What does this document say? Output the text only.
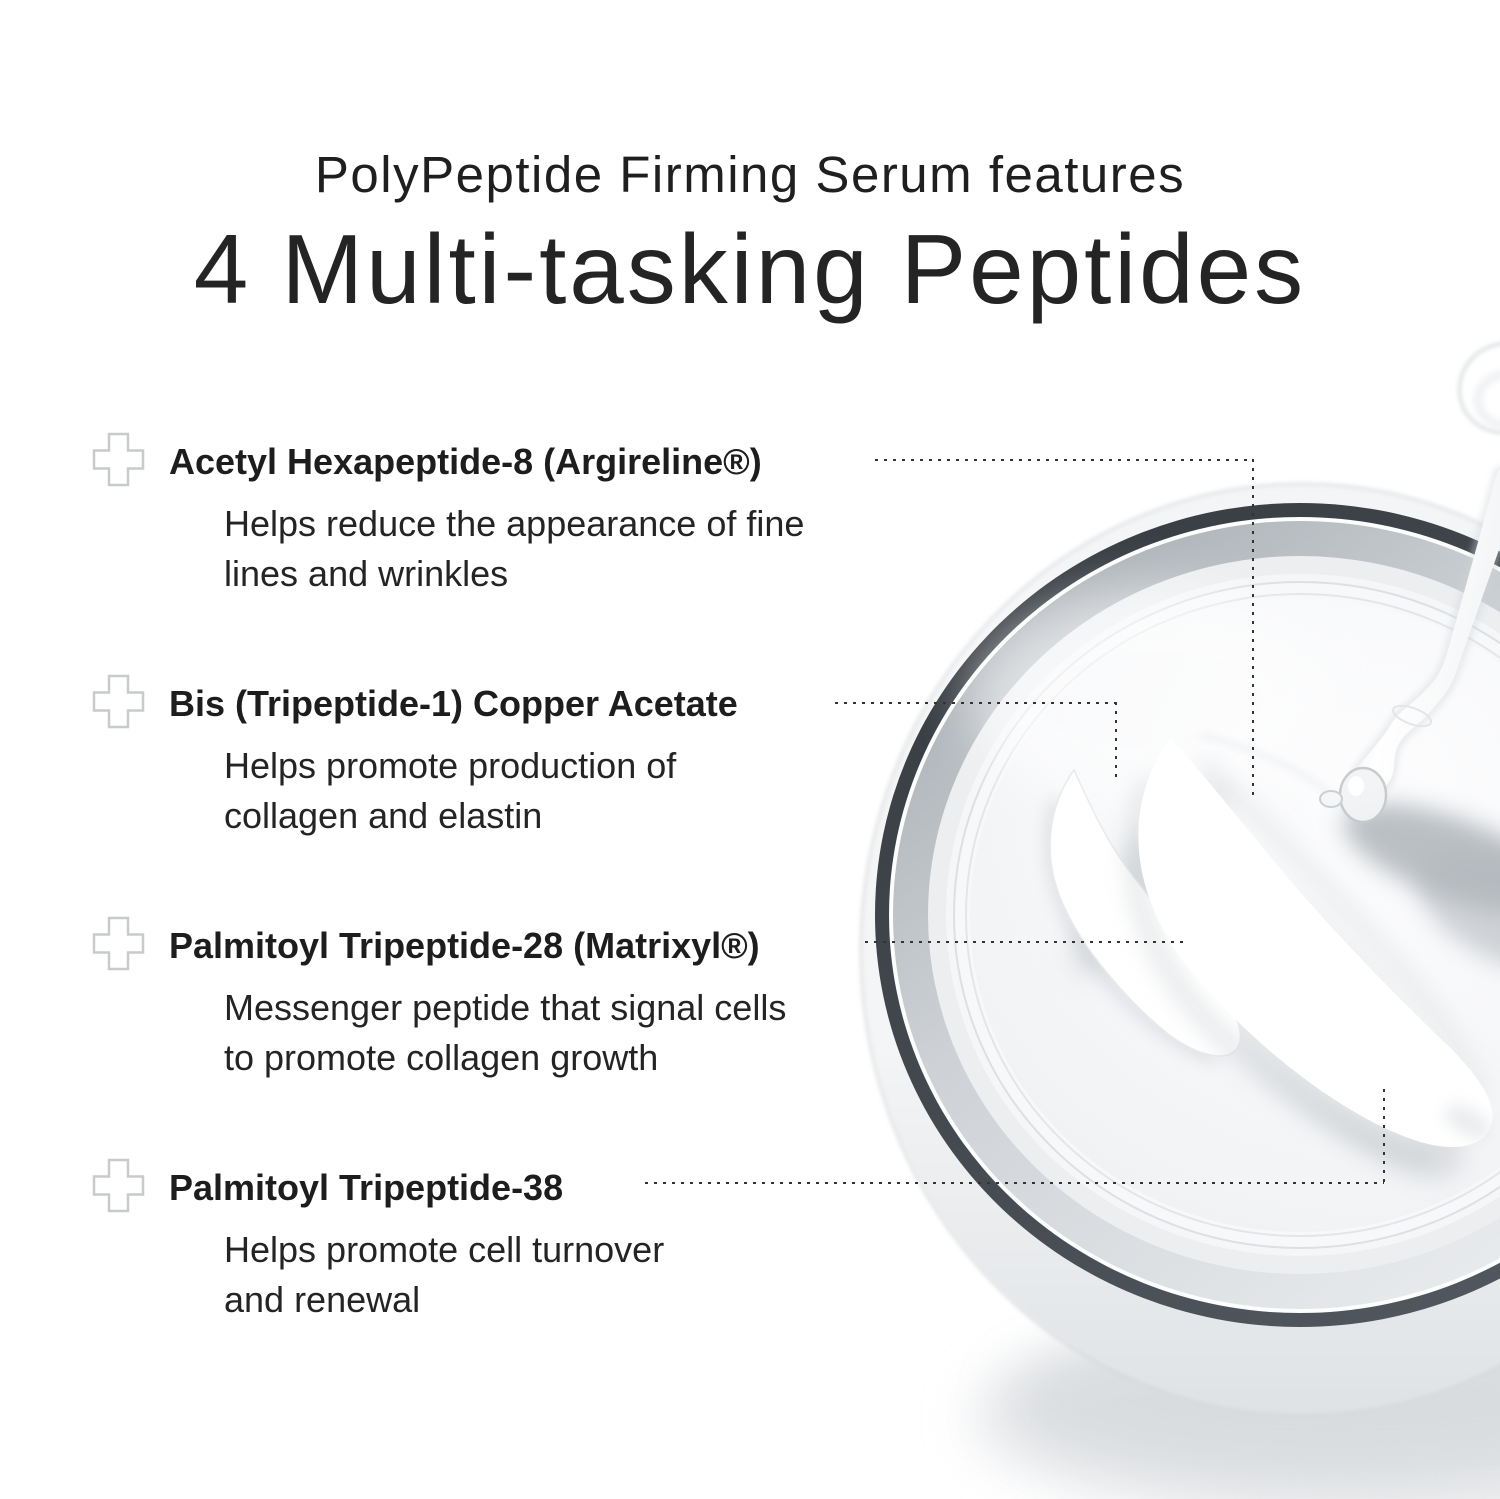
PolyPeptide Firming Serum features
4 Multi-tasking Peptides
Acetyl Hexapeptide-8 (Argireline®)
Helps reduce the appearance of fine
lines and wrinkles
Bis (Tripeptide-1) Copper Acetate
Helps promote production of
collagen and elastin
Palmitoyl Tripeptide-28 (Matrixyl®)
Messenger peptide that signal cells
to promote collagen growth
Palmitoyl Tripeptide-38
Helps promote cell turnover
and renewal
